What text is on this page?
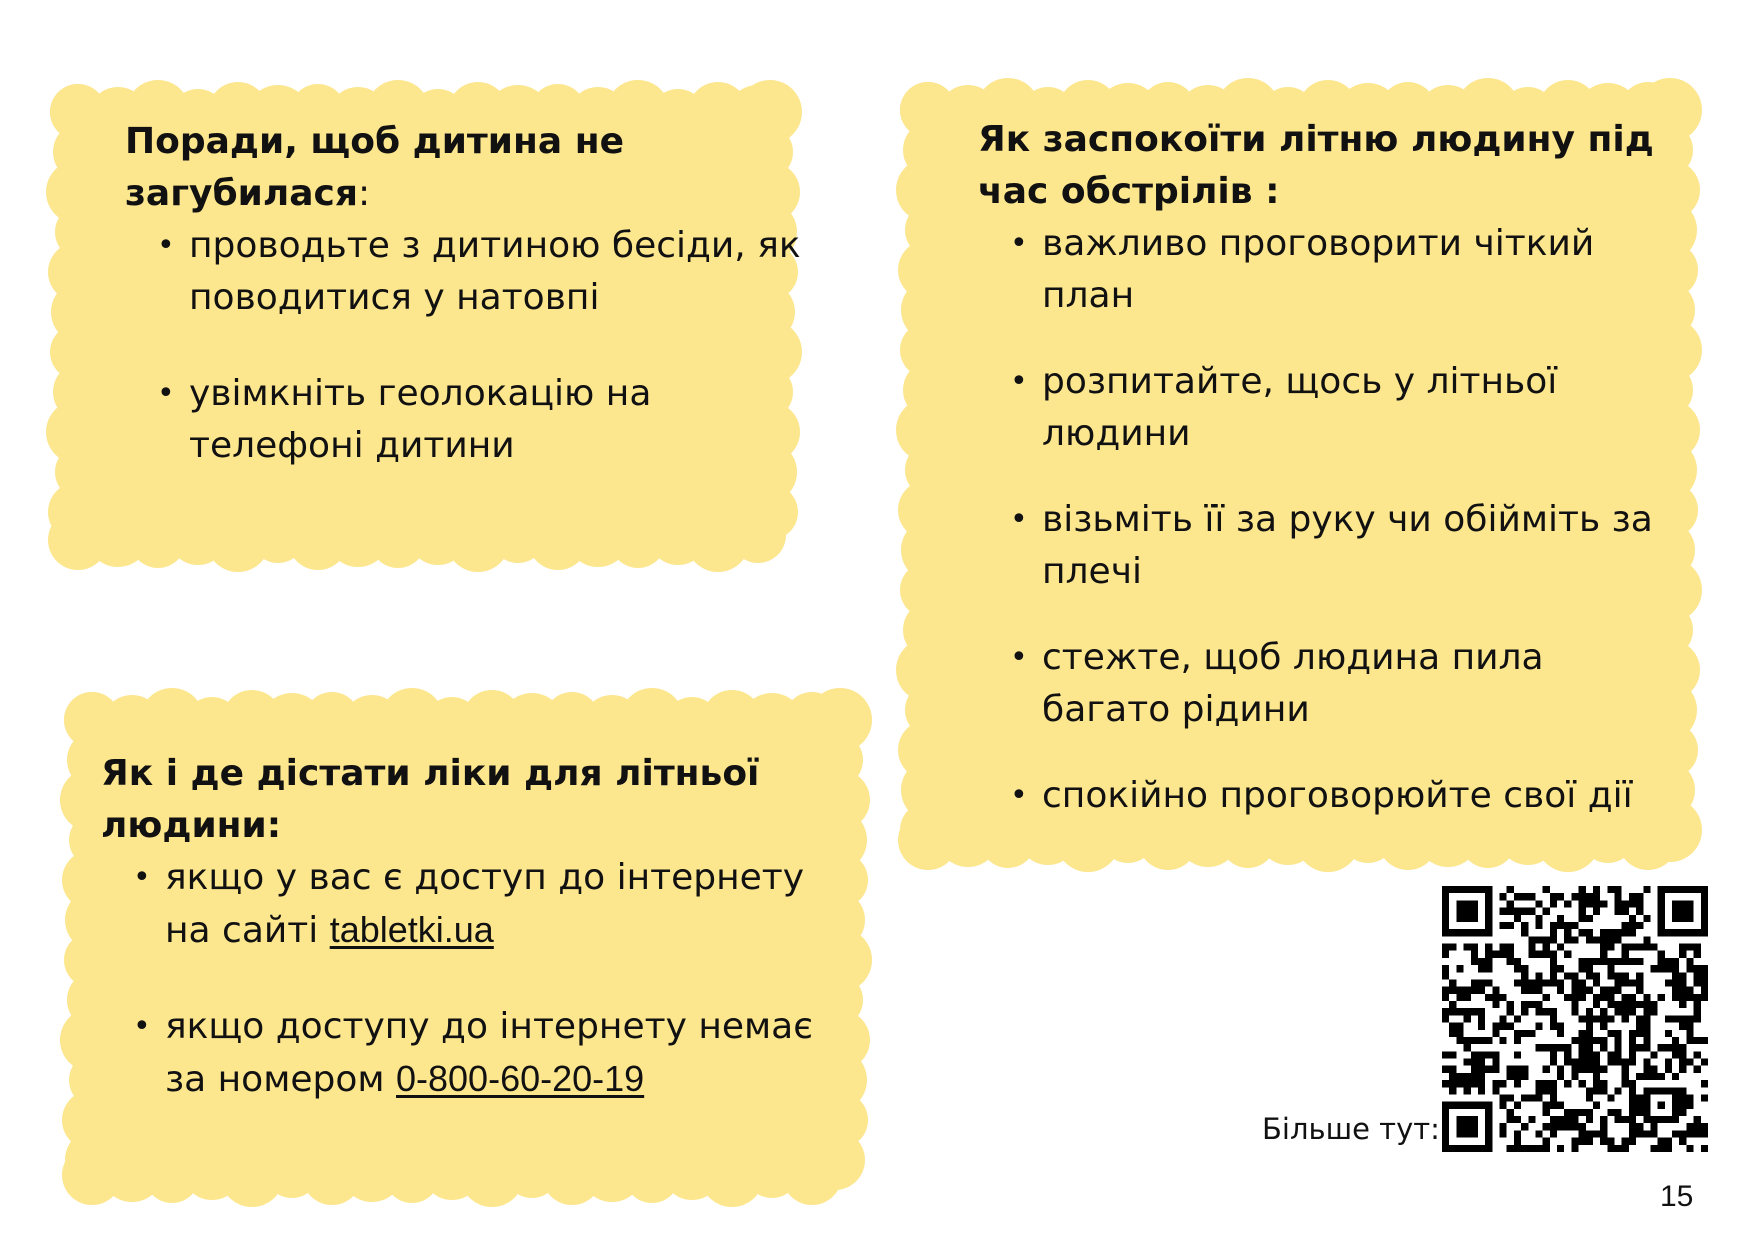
Поради, щоб дитина не загубилася:
• проводьте з дитиною бесіди, як поводитися у натовпі
• увімкніть геолокацію на телефоні дитини
Як заспокоїти літню людину під час обстрілів :
• важливо проговорити чіткий план
• розпитайте, щось у літньої людини
• візьміть її за руку чи обійміть за плечі
• стежте, щоб людина пила багато рідини
• спокійно проговорюйте свої дії
Як і де дістати ліки для літньої людини:
• якщо у вас є доступ до інтернету на сайті tabletki.ua
• якщо доступу до інтернету немає за номером 0-800-60-20-19
Більше тут:
15
